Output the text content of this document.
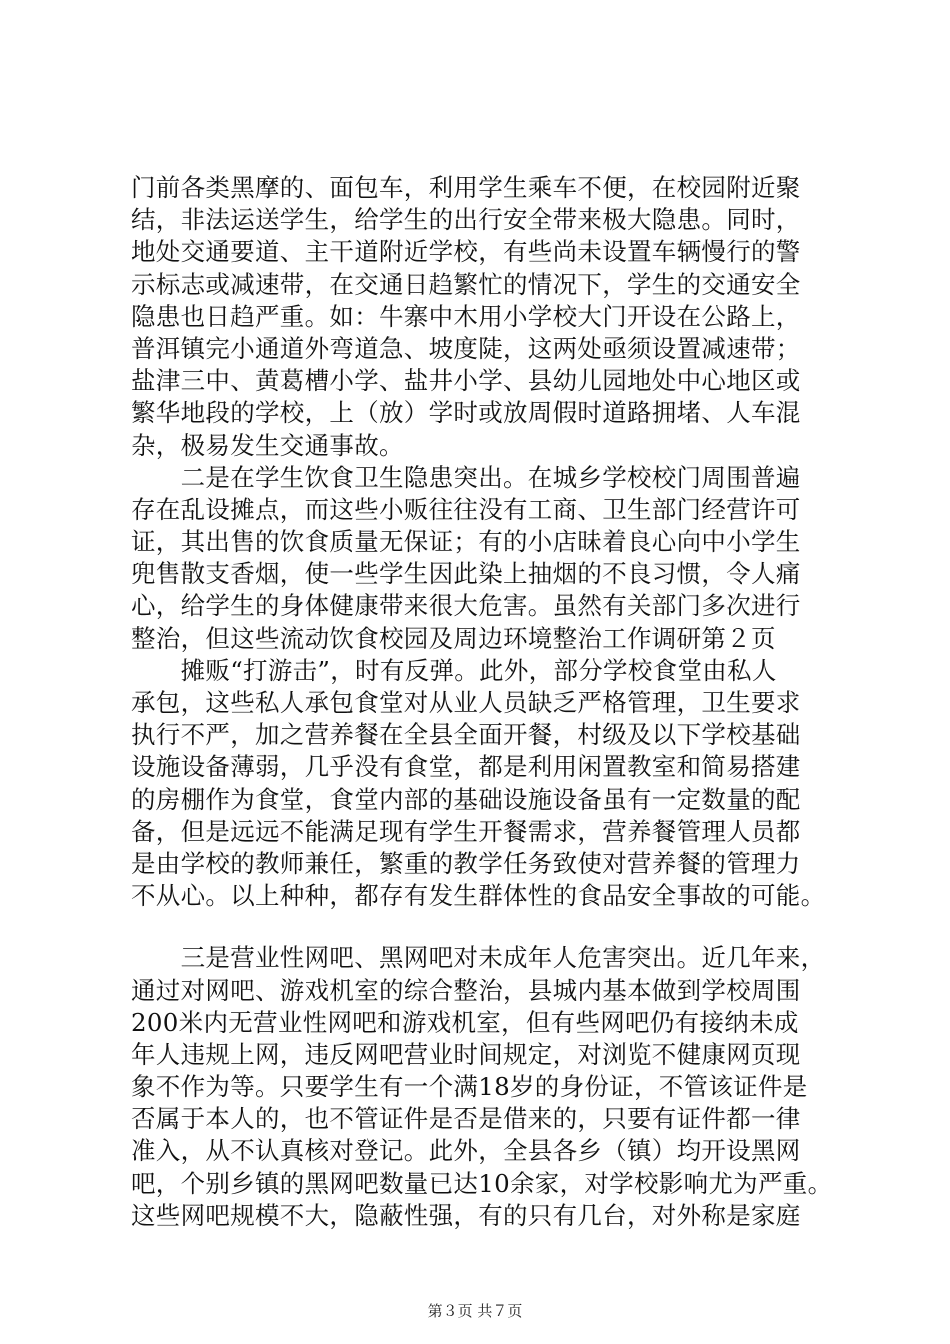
门前各类黑摩的、面包车，利用学生乘车不便，在校园附近聚
结，非法运送学生，给学生的出行安全带来极大隐患。同时，
地处交通要道、主干道附近学校，有些尚未设置车辆慢行的警
示标志或减速带，在交通日趋繁忙的情况下，学生的交通安全
隐患也日趋严重。如：牛寨中木用小学校大门开设在公路上，
普洱镇完小通道外弯道急、坡度陡，这两处亟须设置减速带；
盐津三中、黄葛槽小学、盐井小学、县幼儿园地处中心地区或
繁华地段的学校，上（放）学时或放周假时道路拥堵、人车混
杂，极易发生交通事故。
　　二是在学生饮食卫生隐患突出。在城乡学校校门周围普遍
存在乱设摊点，而这些小贩往往没有工商、卫生部门经营许可
证，其出售的饮食质量无保证；有的小店昧着良心向中小学生
兜售散支香烟，使一些学生因此染上抽烟的不良习惯，令人痛
心，给学生的身体健康带来很大危害。虽然有关部门多次进行
整治，但这些流动饮食校园及周边环境整治工作调研第２页
　　摊贩“打游击”，时有反弹。此外，部分学校食堂由私人
承包，这些私人承包食堂对从业人员缺乏严格管理，卫生要求
执行不严，加之营养餐在全县全面开餐，村级及以下学校基础
设施设备薄弱，几乎没有食堂，都是利用闲置教室和简易搭建
的房棚作为食堂，食堂内部的基础设施设备虽有一定数量的配
备，但是远远不能满足现有学生开餐需求，营养餐管理人员都
是由学校的教师兼任，繁重的教学任务致使对营养餐的管理力
不从心。以上种种，都存有发生群体性的食品安全事故的可能。
　　三是营业性网吧、黑网吧对未成年人危害突出。近几年来，
通过对网吧、游戏机室的综合整治，县城内基本做到学校周围
200米内无营业性网吧和游戏机室，但有些网吧仍有接纳未成
年人违规上网，违反网吧营业时间规定，对浏览不健康网页现
象不作为等。只要学生有一个满18岁的身份证，不管该证件是
否属于本人的，也不管证件是否是借来的，只要有证件都一律
准入，从不认真核对登记。此外，全县各乡（镇）均开设黑网
吧，个别乡镇的黑网吧数量已达10余家，对学校影响尤为严重。
这些网吧规模不大，隐蔽性强，有的只有几台，对外称是家庭
第３页 共７页
